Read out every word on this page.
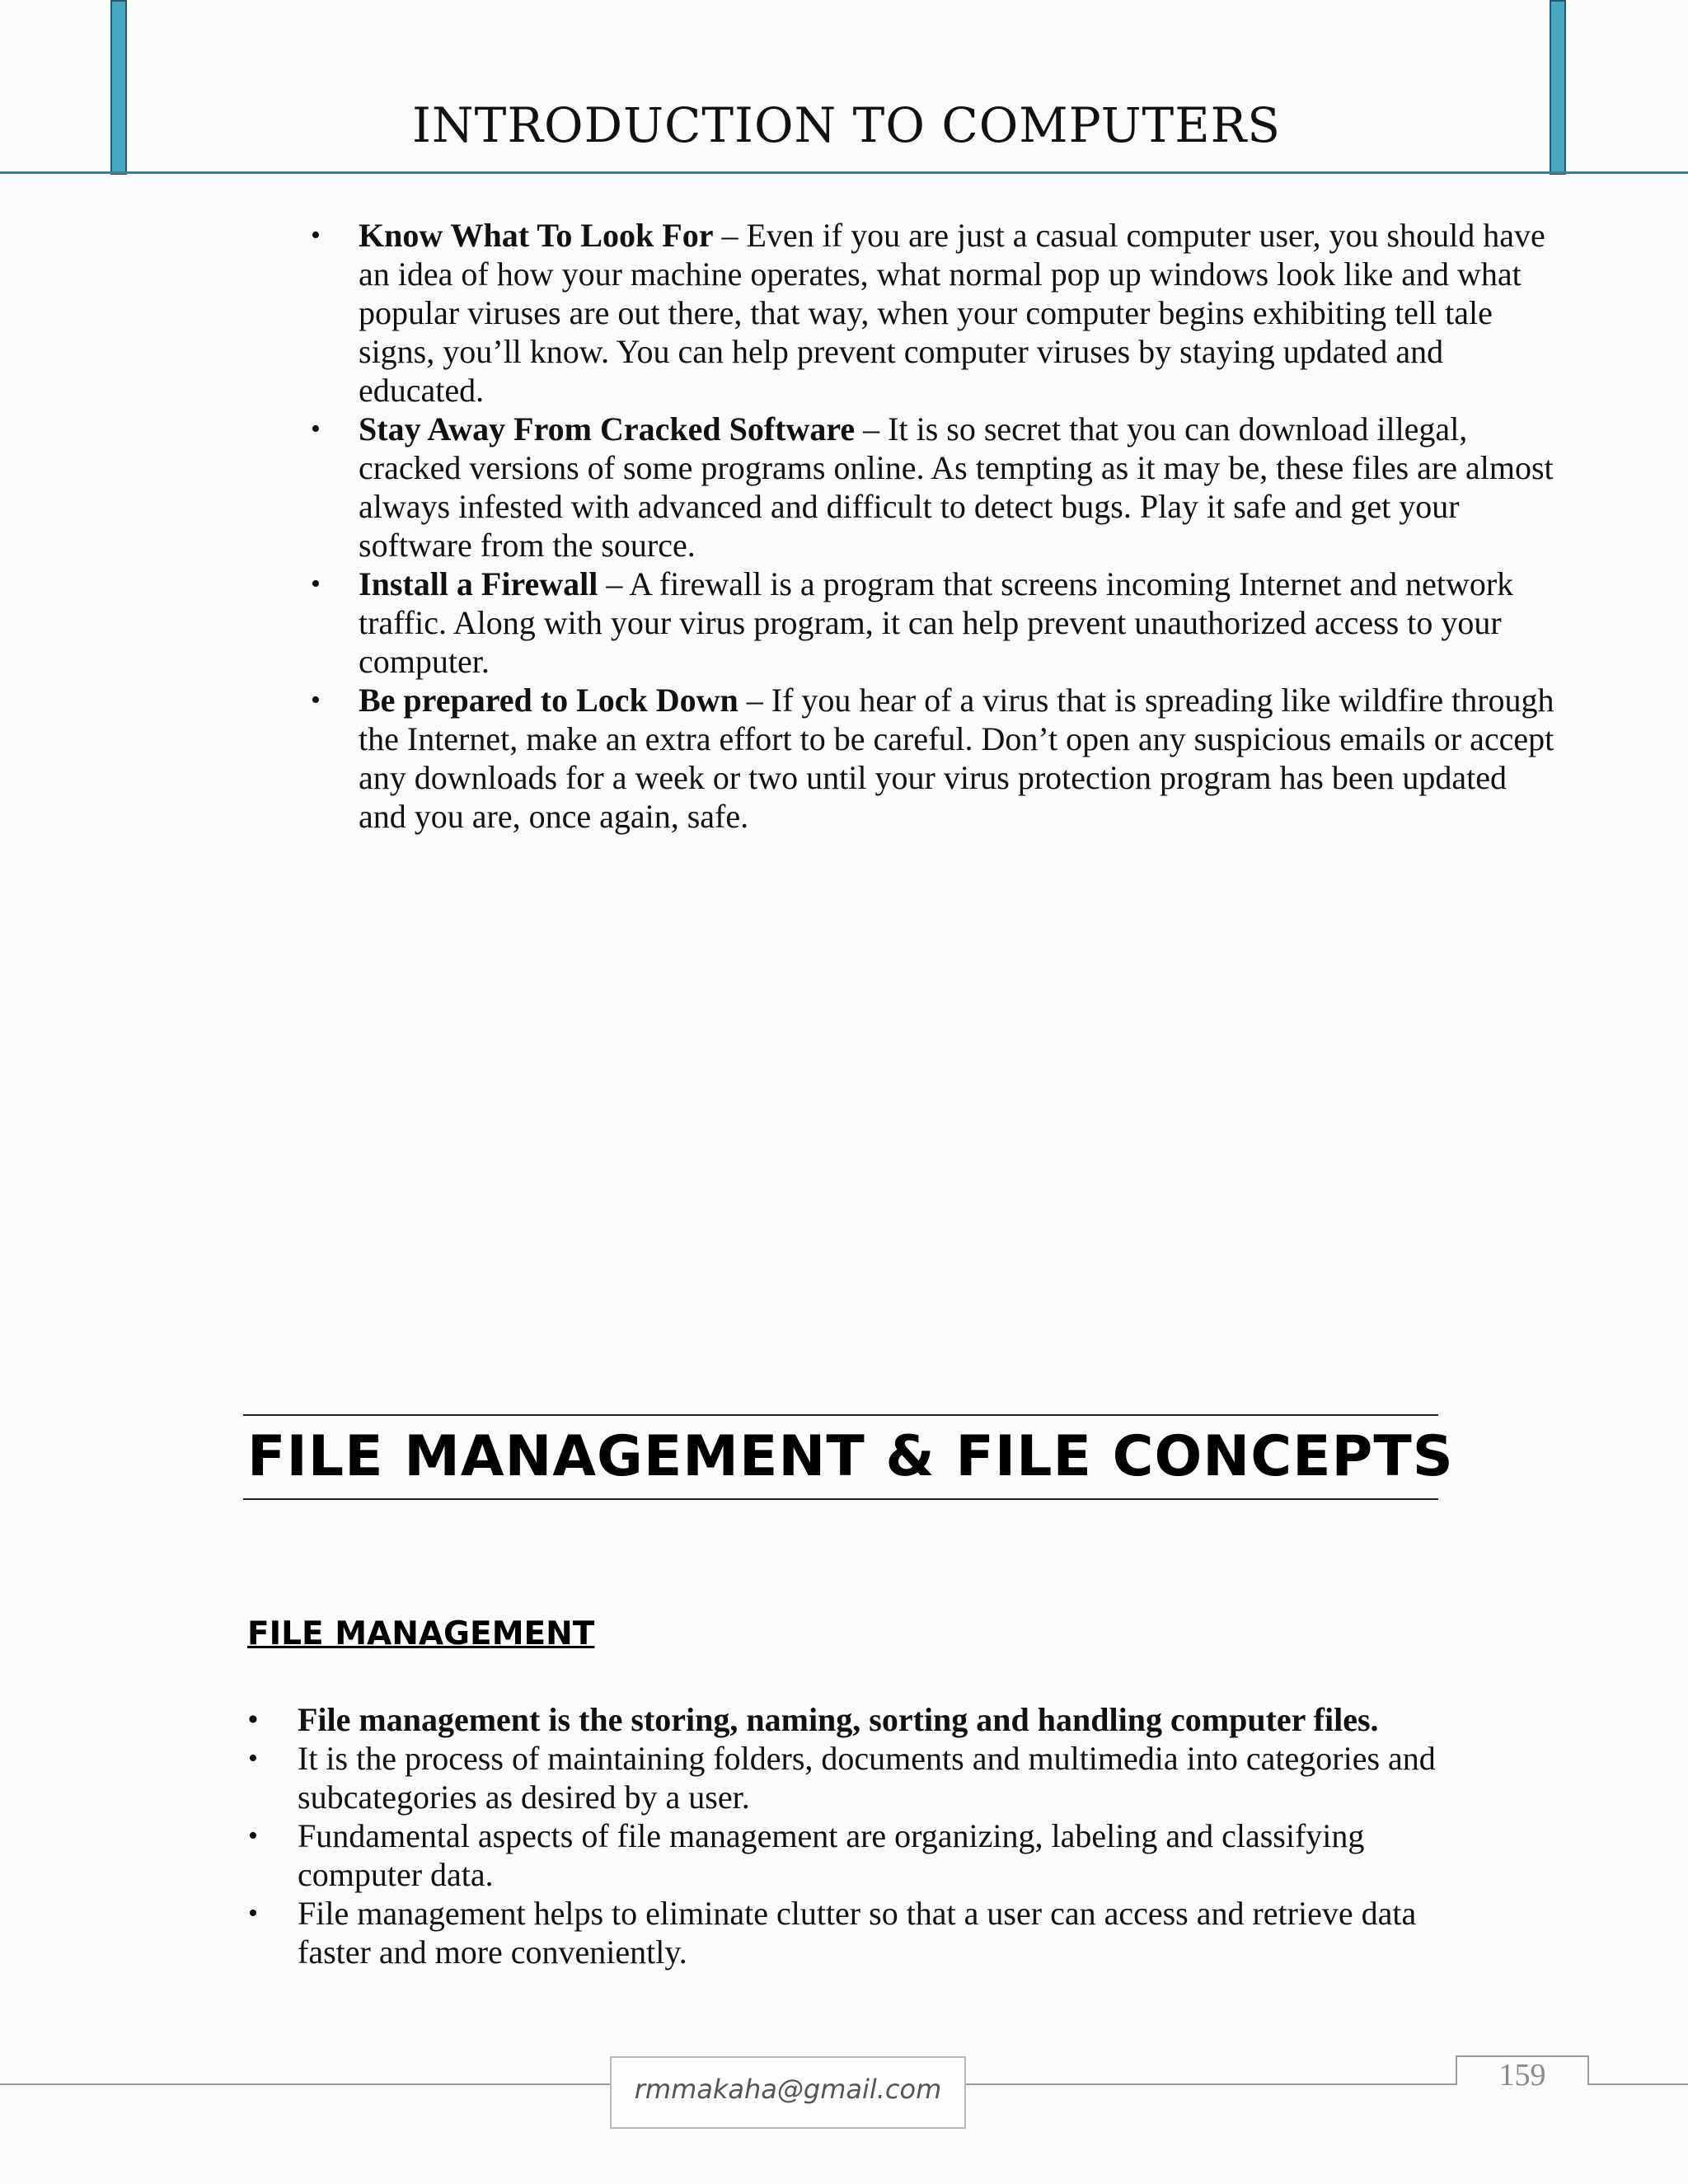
INTRODUCTION TO COMPUTERS
• Know What To Look For – Even if you are just a casual computer user, you should have an idea of how your machine operates, what normal pop up windows look like and what popular viruses are out there, that way, when your computer begins exhibiting tell tale signs, you’ll know. You can help prevent computer viruses by staying updated and educated.
• Stay Away From Cracked Software – It is so secret that you can download illegal, cracked versions of some programs online. As tempting as it may be, these files are almost always infested with advanced and difficult to detect bugs. Play it safe and get your software from the source.
• Install a Firewall – A firewall is a program that screens incoming Internet and network traffic. Along with your virus program, it can help prevent unauthorized access to your computer.
• Be prepared to Lock Down – If you hear of a virus that is spreading like wildfire through the Internet, make an extra effort to be careful. Don’t open any suspicious emails or accept any downloads for a week or two until your virus protection program has been updated and you are, once again, safe.
FILE MANAGEMENT & FILE CONCEPTS
FILE MANAGEMENT
• File management is the storing, naming, sorting and handling computer files.
• It is the process of maintaining folders, documents and multimedia into categories and subcategories as desired by a user.
• Fundamental aspects of file management are organizing, labeling and classifying computer data.
• File management helps to eliminate clutter so that a user can access and retrieve data faster and more conveniently.
rmmakaha@gmail.com	159
